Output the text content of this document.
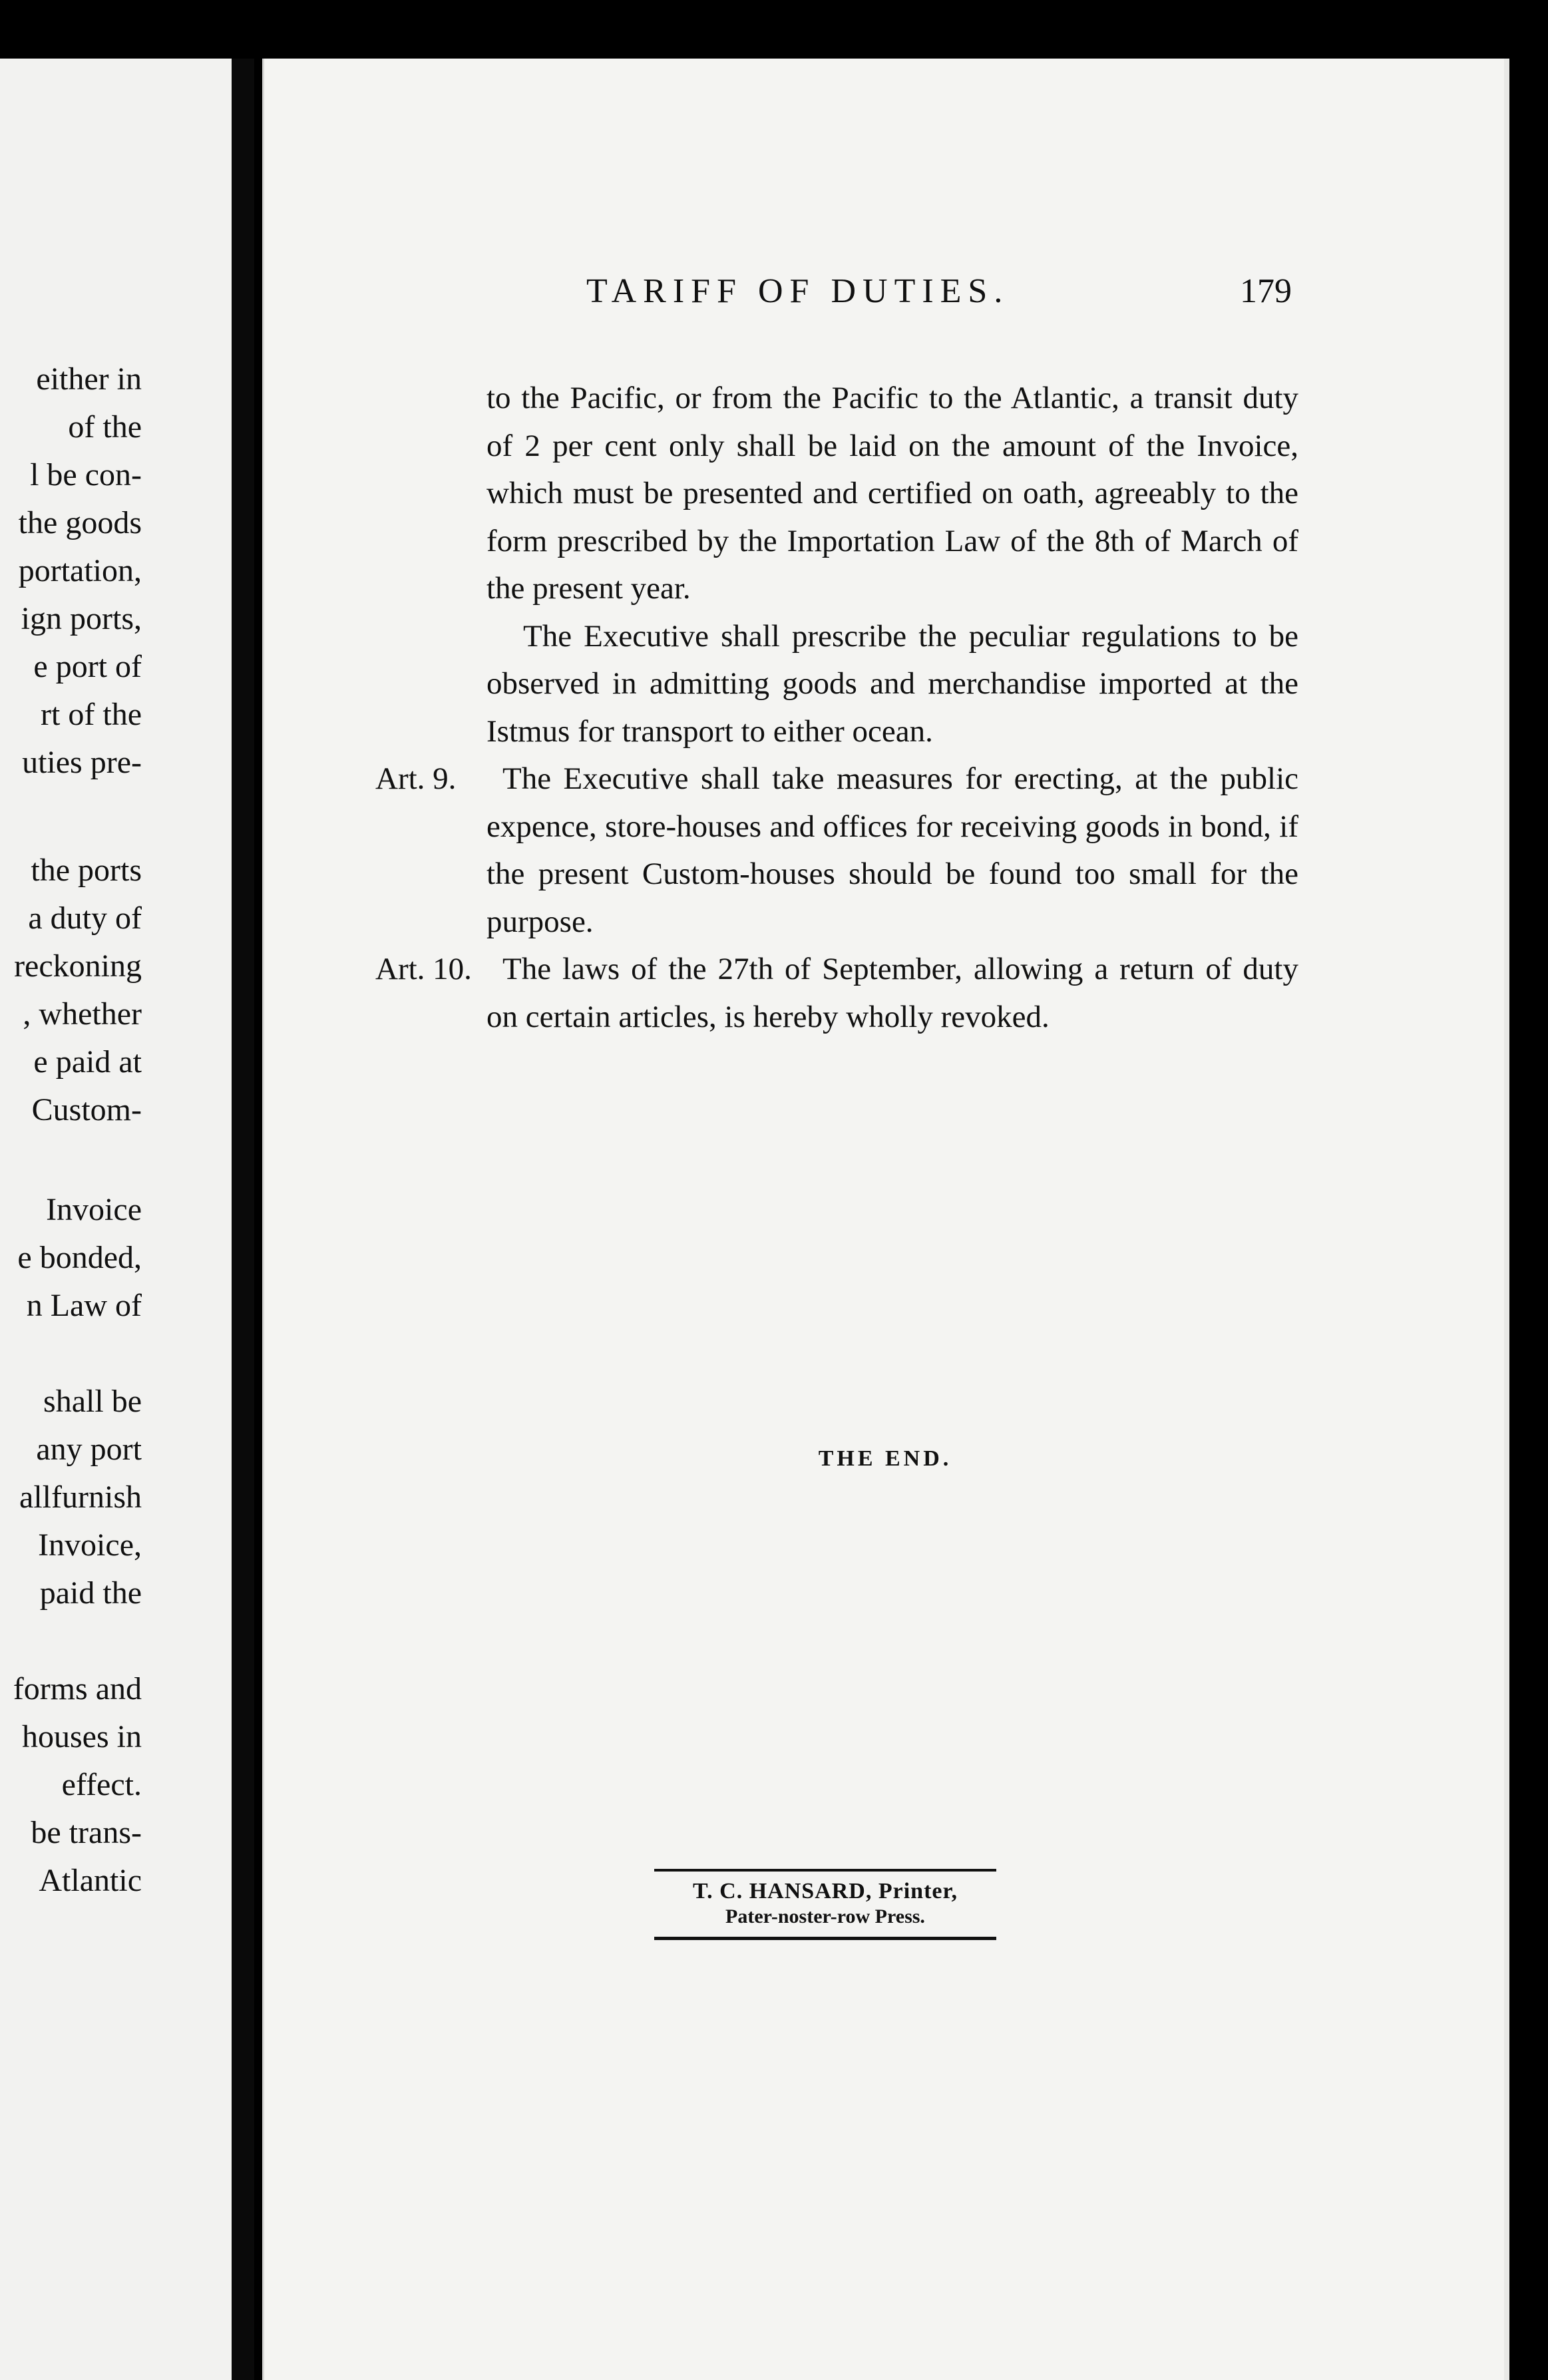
either in
of the
l be con-
the goods
portation,
ign ports,
e port of
rt of the
uties pre-
the ports
a duty of
reckoning
, whether
e paid at
Custom-
Invoice
e bonded,
n Law of
shall be
any port
allfurnish
Invoice,
paid the
forms and
houses in
effect.
be trans-
Atlantic
TARIFF OF DUTIES.	179

to the Pacific, or from the Pacific to the Atlantic, a transit duty of 2 per cent only shall be laid on the amount of the Invoice, which must be presented and certified on oath, agreeably to the form prescribed by the Importation Law of the 8th of March of the present year.

The Executive shall prescribe the peculiar regulations to be observed in admitting goods and merchandise imported at the Istmus for transport to either ocean.

Art. 9.	The Executive shall take measures for erecting, at the public expence, store-houses and offices for receiving goods in bond, if the present Custom-houses should be found too small for the purpose.
Art. 10. The laws of the 27th of September, allowing a return of duty on certain articles, is hereby wholly revoked.
THE END.
T. C. HANSARD, Printer,
Pater-noster-row Press.
